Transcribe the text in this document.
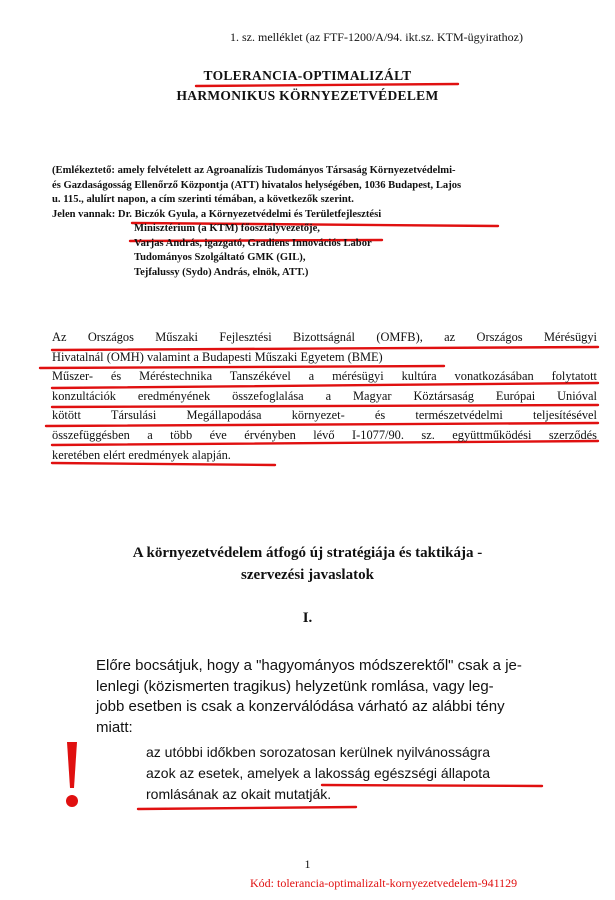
1. sz. melléklet (az FTF-1200/A/94. ikt.sz. KTM-ügyirathoz)
TOLERANCIA-OPTIMALIZÁLT
HARMONIKUS KÖRNYEZETVÉDELEM
(Emlékeztető: amely felvételett az Agroanalízis Tudományos Társaság Környezetvédelmi-
és Gazdaságosság Ellenőrző Központja (ATT) hivatalos helységében, 1036 Budapest, Lajos
u. 115., alulírt napon, a cím szerinti témában, a következők szerint.
Jelen vannak: Dr. Biczók Gyula, a Környezetvédelmi és Területfejlesztési
Minisztérium (a KTM) főosztályvezetője,
Varjas András, igazgató, Gradiens Innovációs Labor
Tudományos Szolgáltató GMK (GIL),
Tejfalussy (Sydo) András, elnök, ATT.)
Az Országos Műszaki Fejlesztési Bizottságnál (OMFB), az Országos Mérésügyi
Hivatalnál (OMH) valamint a Budapesti Műszaki Egyetem (BME)
Műszer- és Méréstechnika Tanszékével a mérésügyi kultúra vonatkozásában folytatott
konzultációk eredményének összefoglalása a Magyar Köztársaság Európai Unióval
kötött Társulási Megállapodása környezet- és természetvédelmi teljesítésével
összefüggésben a több éve érvényben lévő I-1077/90. sz. együttműködési szerződés
keretében elért eredmények alapján.
A környezetvédelem átfogó új stratégiája és taktikája -
szervezési javaslatok
I.
Előre bocsátjuk, hogy a "hagyományos módszerektől" csak a je-
lenlegi (közismerten tragikus) helyzetünk romlása, vagy leg-
jobb esetben is csak a konzerválódása várható az alábbi tény
miatt:
az utóbbi időkben sorozatosan kerülnek nyilvánosságra
azok az esetek, amelyek a lakosság egészségi állapota
romlásának az okait mutatják.
1
Kód: tolerancia-optimalizalt-kornyezetvedelem-941129
